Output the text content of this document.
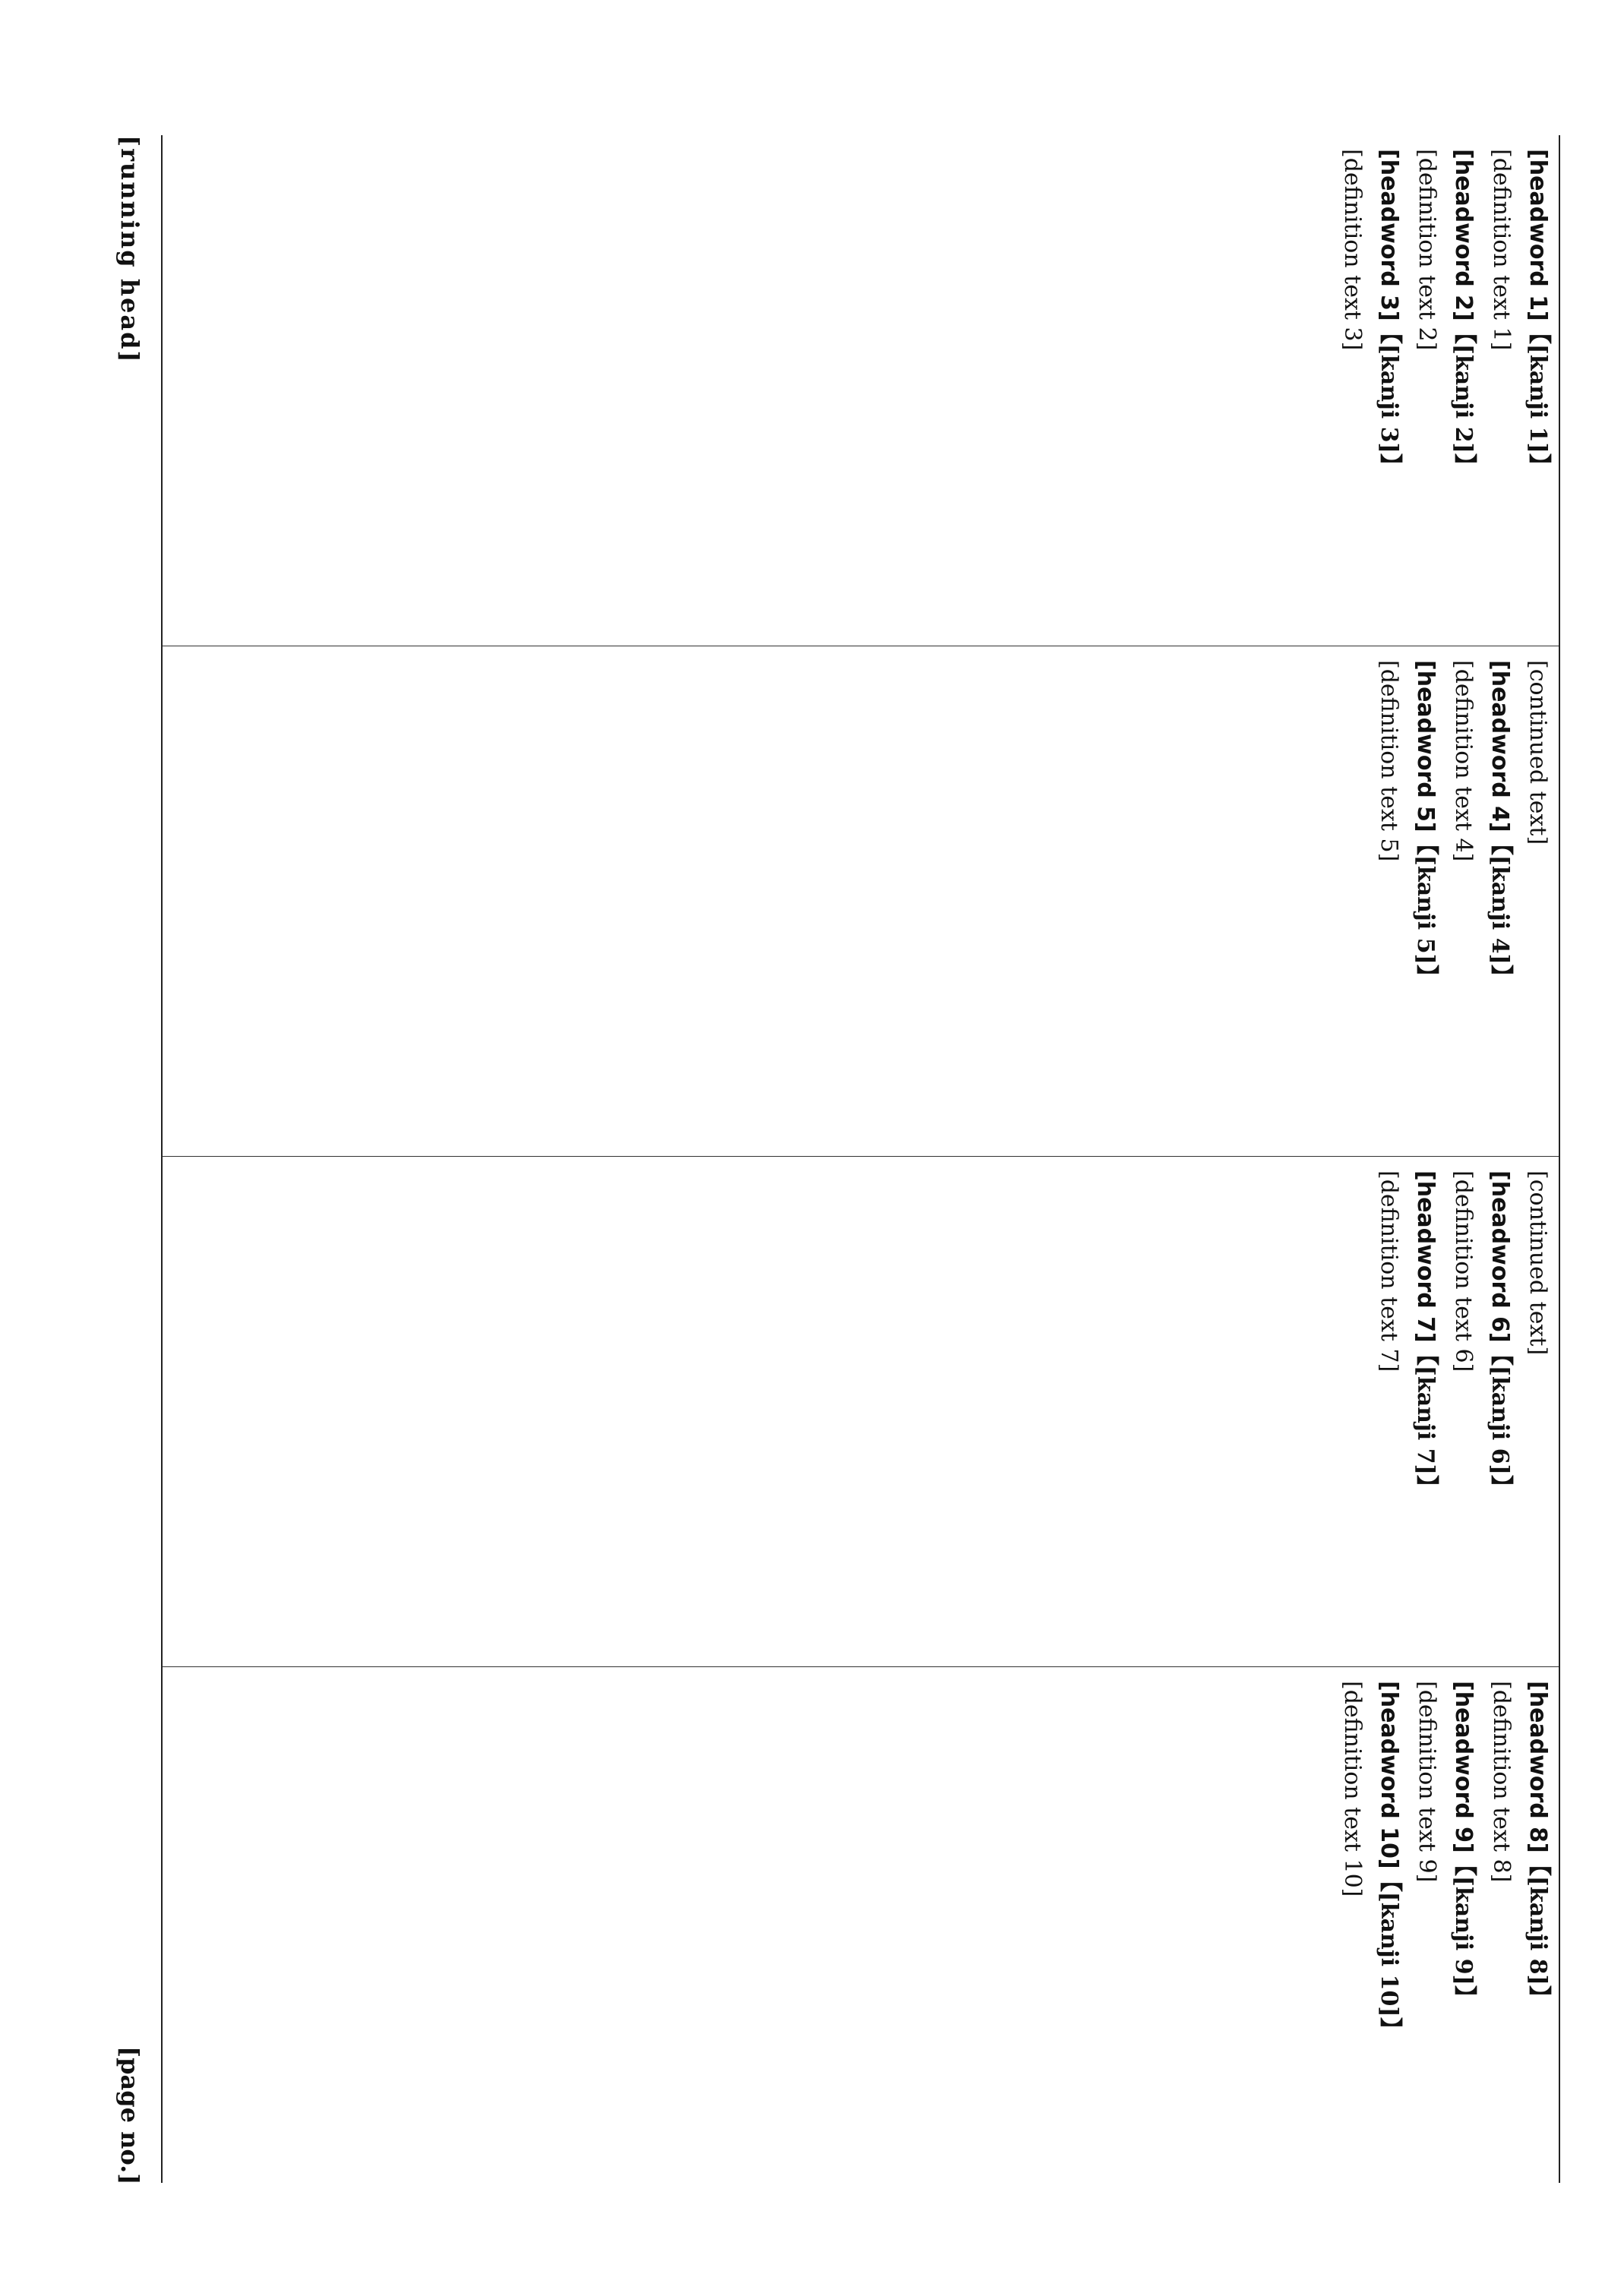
[running head]
[page no.]
[headword 1]【 [kanji 1] 】[definition text 1]
[headword 2]【 [kanji 2] 】[definition text 2]
[headword 3]【 [kanji 3] 】[definition text 3]
[continued text]
[headword 4]【 [kanji 4] 】[definition text 4]
[headword 5]【 [kanji 5] 】[definition text 5]
[continued text]
[headword 6]【 [kanji 6] 】[definition text 6]
[headword 7]【 [kanji 7] 】[definition text 7]
[headword 8]【 [kanji 8] 】[definition text 8]
[headword 9]【 [kanji 9] 】[definition text 9]
[headword 10]【 [kanji 10] 】[definition text 10]
